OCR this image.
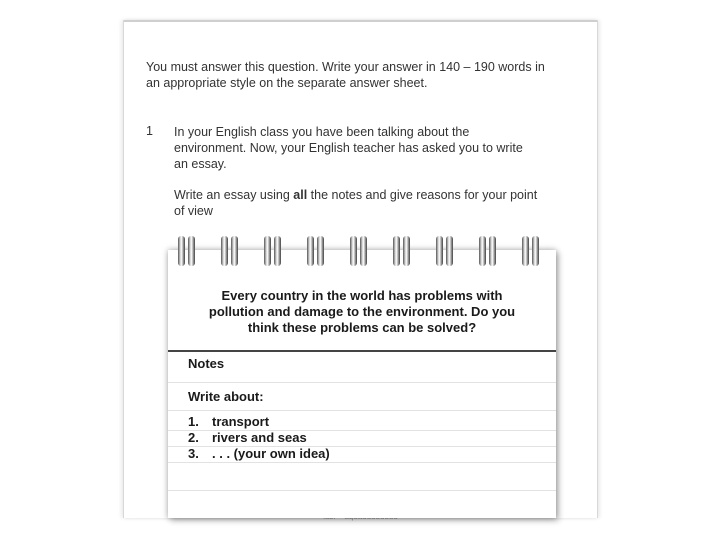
You must answer this question. Write your answer in 140 – 190 words in
an appropriate style on the separate answer sheet.
1 In your English class you have been talking about the
environment. Now, your English teacher has asked you to write
an essay.
Write an essay using all the notes and give reasons for your point
of view
Every country in the world has problems with
pollution and damage to the environment. Do you
think these problems can be solved?
Notes
Write about:
1.	transport
2.	rivers and seas
3.	. . . (your own idea)
